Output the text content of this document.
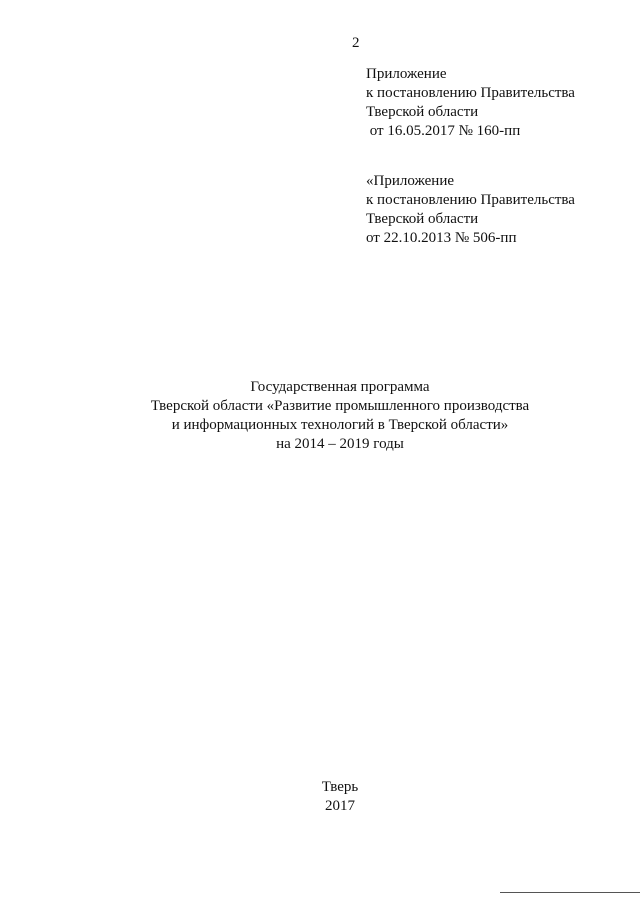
2
Приложение
к постановлению Правительства
Тверской области
от 16.05.2017 № 160-пп
«Приложение
к постановлению Правительства
Тверской области
от 22.10.2013 № 506-пп
Государственная программа
Тверской области «Развитие промышленного производства
и информационных технологий в Тверской области»
на 2014 – 2019 годы
Тверь
2017
